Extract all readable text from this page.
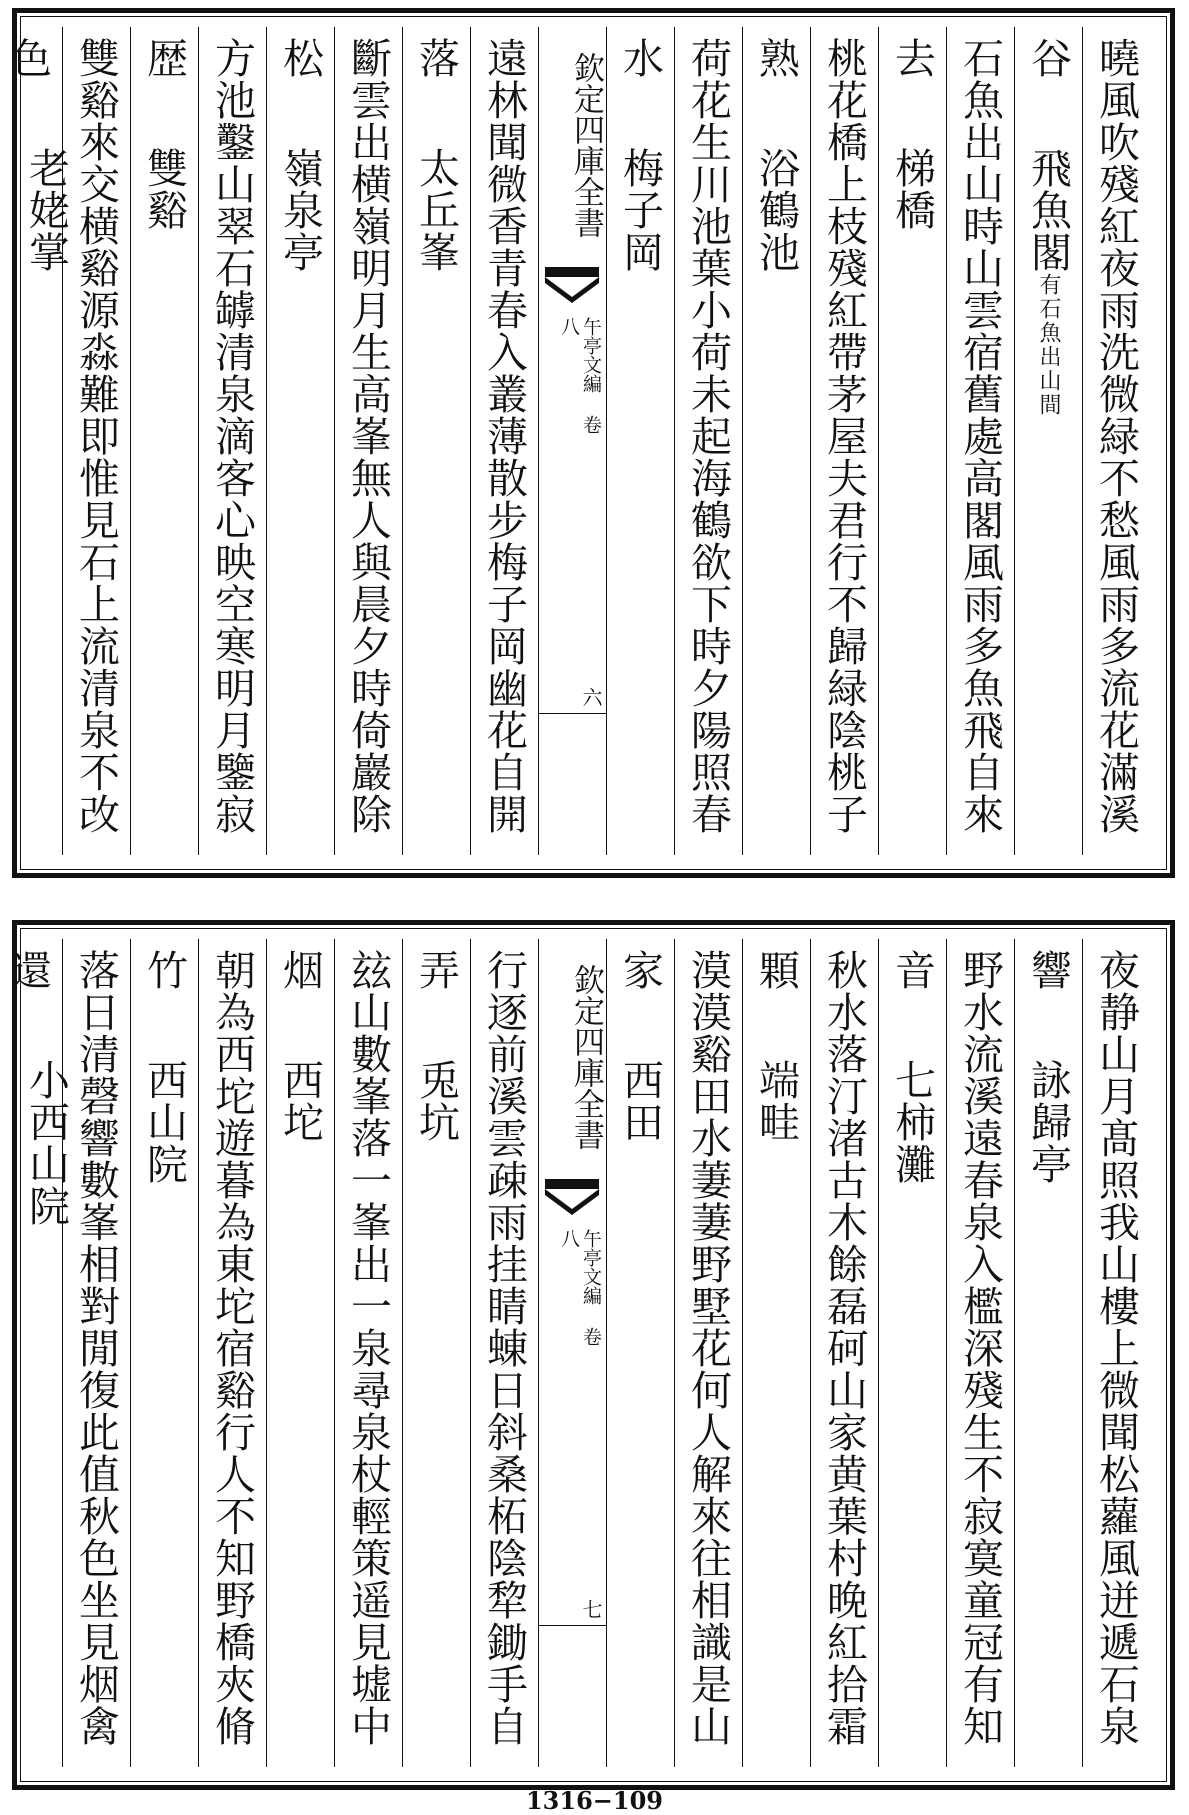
曉風吹殘紅夜雨洗微緑不愁風雨多流花滿溪谷
飛魚閣有石魚出山間
石魚出山時山雲宿舊處高閣風雨多魚飛自來去
梯橋
桃花橋上枝殘紅帶茅屋夫君行不歸緑陰桃子熟
浴鶴池
荷花生川池葉小荷未起海鶴欲下時夕陽照春水
梅子岡
欽定四庫全書
午亭文編 卷八
六
遠林聞微香青春入叢薄散步梅子岡幽花自開落
太丘峯
斷雲出横嶺明月生高峯無人與晨夕時倚巖除松
嶺泉亭
方池鑿山翠石罅清泉滴客心映空寒明月鑒寂歴
雙谿
雙谿來交横谿源淼難即惟見石上流清泉不改色
老姥掌
夜静山月髙照我山樓上微聞松蘿風迸遞石泉響
詠歸亭
野水流溪遠春泉入檻深殘生不寂寞童冠有知音
七柿灘
秋水落汀渚古木餘磊砢山家黄葉村晚紅拾霜顆
端畦
漠漠谿田水萋萋野墅花何人解來往相識是山家
西田
欽定四庫全書
午亭文編 卷八
七
行逐前溪雲疎雨挂睛蝀日斜桑柘陰犂鋤手自弄
兎坑
玆山數峯落一峯出一泉尋泉杖輕策遥見墟中烟
西坨
朝為西坨遊暮為東坨宿谿行人不知野橋夾脩竹
西山院
落日清磬響數峯相對閒復此值秋色坐見烟禽還
小西山院
1316−109
